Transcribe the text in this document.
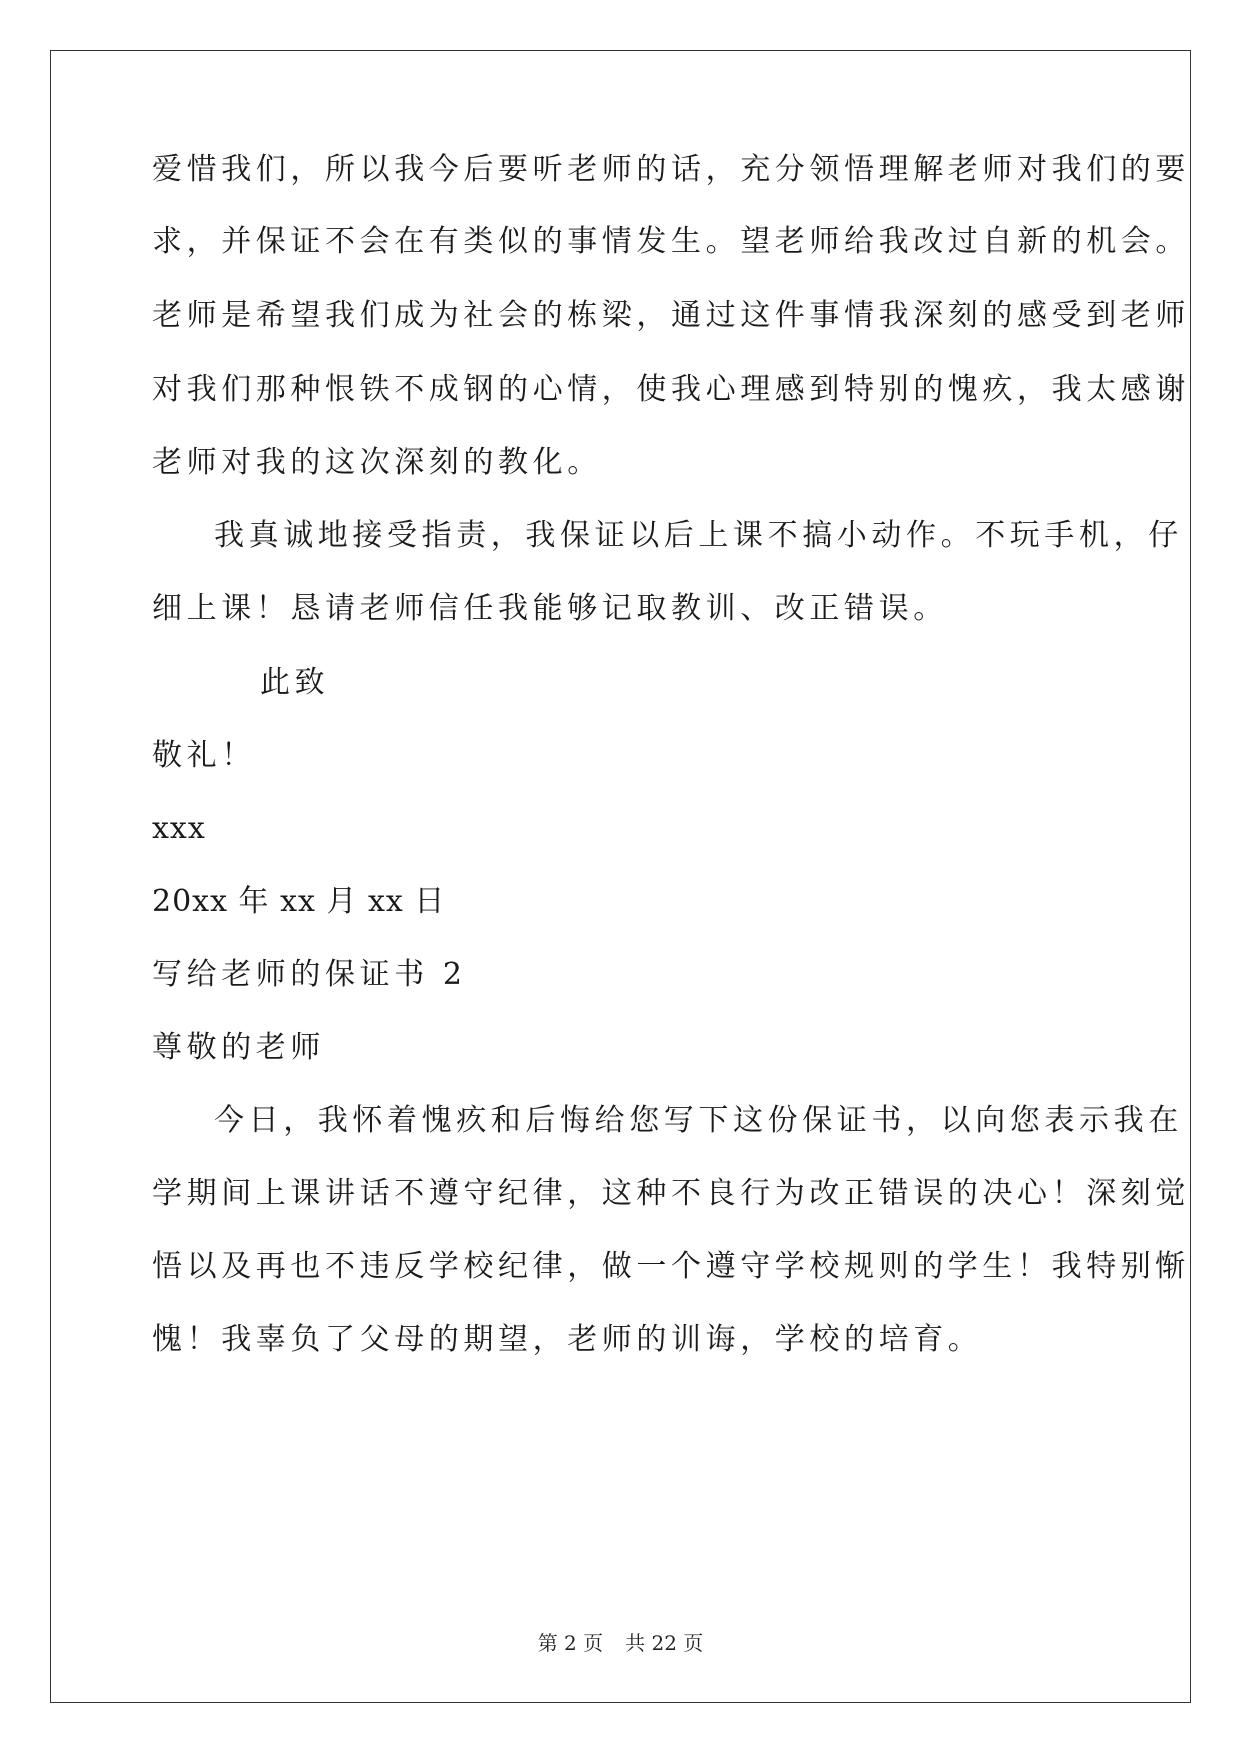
爱惜我们，所以我今后要听老师的话，充分领悟理解老师对我们的要
求，并保证不会在有类似的事情发生。望老师给我改过自新的机会。
老师是希望我们成为社会的栋梁，通过这件事情我深刻的感受到老师
对我们那种恨铁不成钢的心情，使我心理感到特别的愧疚，我太感谢
老师对我的这次深刻的教化。
我真诚地接受指责，我保证以后上课不搞小动作。不玩手机，仔
细上课！恳请老师信任我能够记取教训、改正错误。
此致
敬礼！
xxx
20xx 年 xx 月 xx 日
写给老师的保证书 2
尊敬的老师
今日，我怀着愧疚和后悔给您写下这份保证书，以向您表示我在
学期间上课讲话不遵守纪律，这种不良行为改正错误的决心！深刻觉
悟以及再也不违反学校纪律，做一个遵守学校规则的学生！我特别惭
愧！我辜负了父母的期望，老师的训诲，学校的培育。
第 2 页 共 22 页
